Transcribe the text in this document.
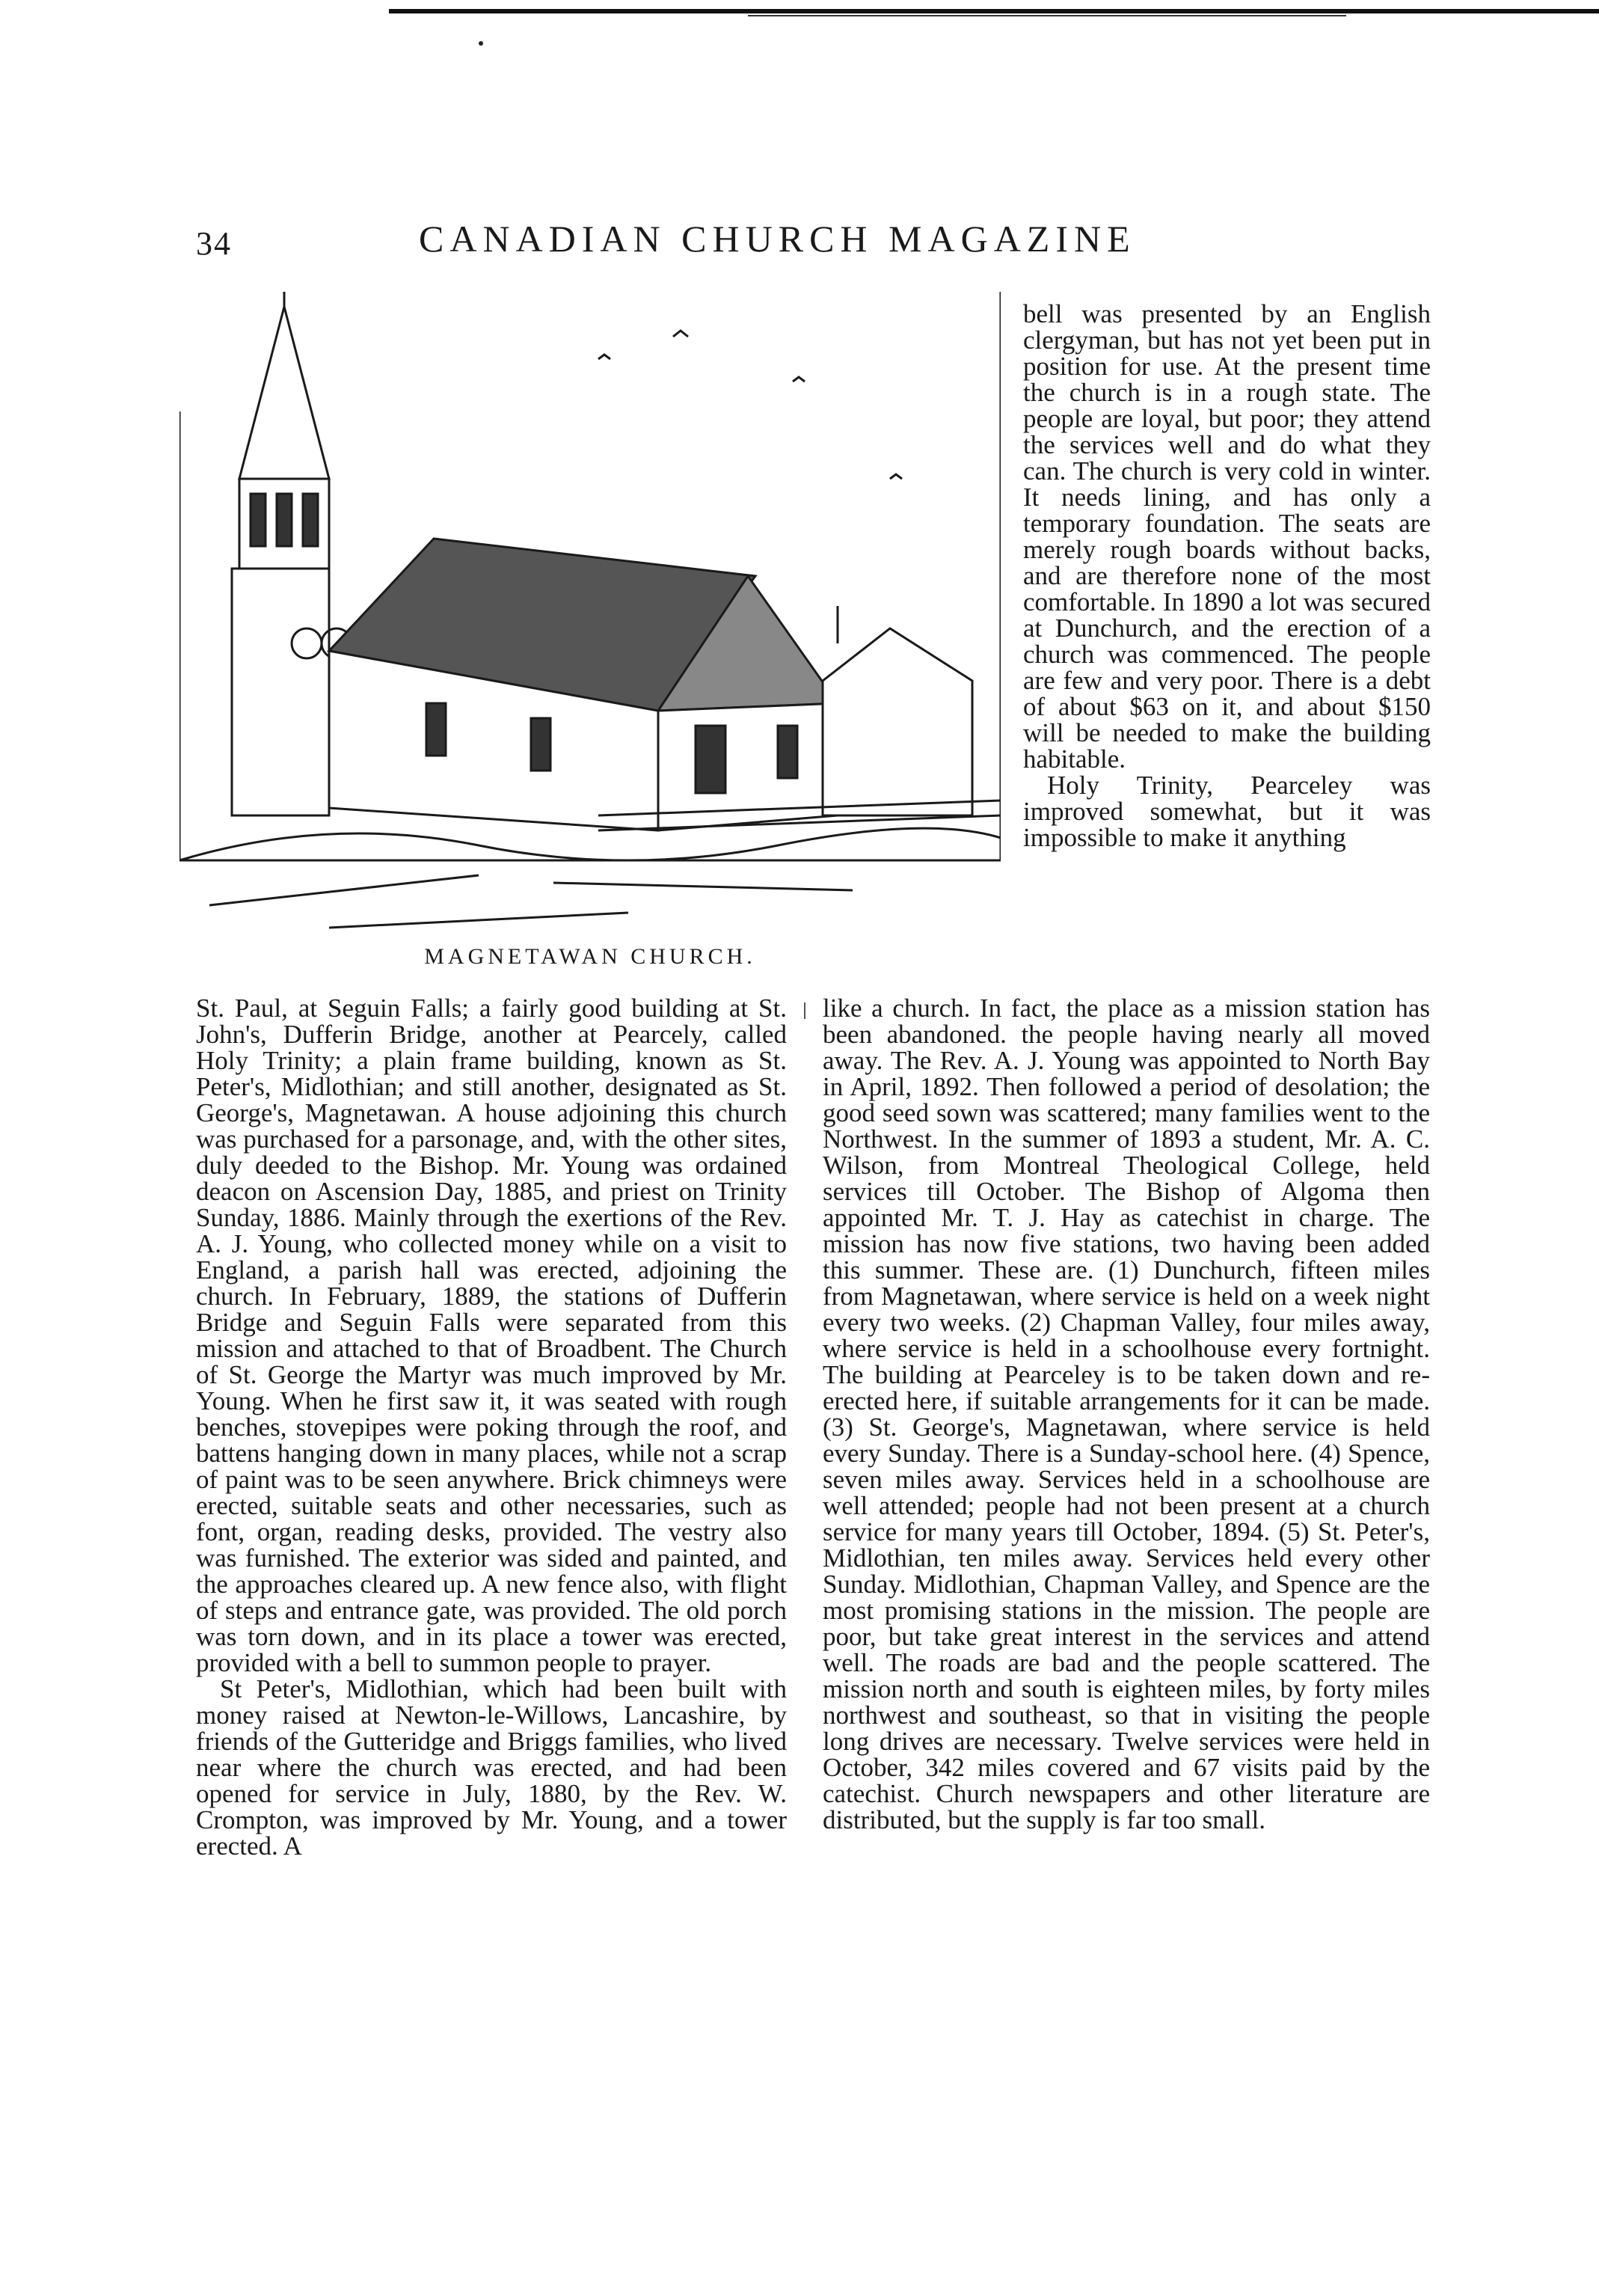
34	CANADIAN CHURCH MAGAZINE
MAGNETAWAN CHURCH.

bell was presented by an English clergyman, but has not yet been put in position for use. At the present time the church is in a rough state. The people are loyal, but poor; they attend the services well and do what they can. The church is very cold in winter. It needs lining, and has only a temporary foundation. The seats are merely rough boards without backs, and are therefore none of the most comfortable. In 1890 a lot was secured at Dunchurch, and the erection of a church was commenced. The people are few and very poor. There is a debt of about $63 on it, and about $150 will be needed to make the building habitable.

Holy Trinity, Pearceley was improved somewhat, but it was impossible to make it anything

St. Paul, at Seguin Falls; a fairly good building at St. John's, Dufferin Bridge, another at Pearcely, called Holy Trinity; a plain frame building, known as St. Peter's, Midlothian; and still another, designated as St. George's, Magnetawan. A house adjoining this church was purchased for a parsonage, and, with the other sites, duly deeded to the Bishop. Mr. Young was ordained deacon on Ascension Day, 1885, and priest on Trinity Sunday, 1886. Mainly through the exertions of the Rev. A. J. Young, who collected money while on a visit to England, a parish hall was erected, adjoining the church. In February, 1889, the stations of Dufferin Bridge and Seguin Falls were separated from this mission and attached to that of Broadbent. The Church of St. George the Martyr was much improved by Mr. Young. When he first saw it, it was seated with rough benches, stovepipes were poking through the roof, and battens hanging down in many places, while not a scrap of paint was to be seen anywhere. Brick chimneys were erected, suitable seats and other necessaries, such as font, organ, reading desks, provided. The vestry also was furnished. The exterior was sided and painted, and the approaches cleared up. A new fence also, with flight of steps and entrance gate, was provided. The old porch was torn down, and in its place a tower was erected, provided with a bell to summon people to prayer.

St Peter's, Midlothian, which had been built with money raised at Newton-le-Willows, Lancashire, by friends of the Gutteridge and Briggs families, who lived near where the church was erected, and had been opened for service in July, 1880, by the Rev. W. Crompton, was improved by Mr. Young, and a tower erected. A

like a church. In fact, the place as a mission station has been abandoned. the people having nearly all moved away. The Rev. A. J. Young was appointed to North Bay in April, 1892. Then followed a period of desolation; the good seed sown was scattered; many families went to the Northwest. In the summer of 1893 a student, Mr. A. C. Wilson, from Montreal Theological College, held services till October. The Bishop of Algoma then appointed Mr. T. J. Hay as catechist in charge. The mission has now five stations, two having been added this summer. These are. (1) Dunchurch, fifteen miles from Magnetawan, where service is held on a week night every two weeks. (2) Chapman Valley, four miles away, where service is held in a schoolhouse every fortnight. The building at Pearceley is to be taken down and re-erected here, if suitable arrangements for it can be made. (3) St. George's, Magnetawan, where service is held every Sunday. There is a Sunday-school here. (4) Spence, seven miles away. Services held in a schoolhouse are well attended; people had not been present at a church service for many years till October, 1894. (5) St. Peter's, Midlothian, ten miles away. Services held every other Sunday. Midlothian, Chapman Valley, and Spence are the most promising stations in the mission. The people are poor, but take great interest in the services and attend well. The roads are bad and the people scattered. The mission north and south is eighteen miles, by forty miles northwest and southeast, so that in visiting the people long drives are necessary. Twelve services were held in October, 342 miles covered and 67 visits paid by the catechist. Church newspapers and other literature are distributed, but the supply is far too small.
